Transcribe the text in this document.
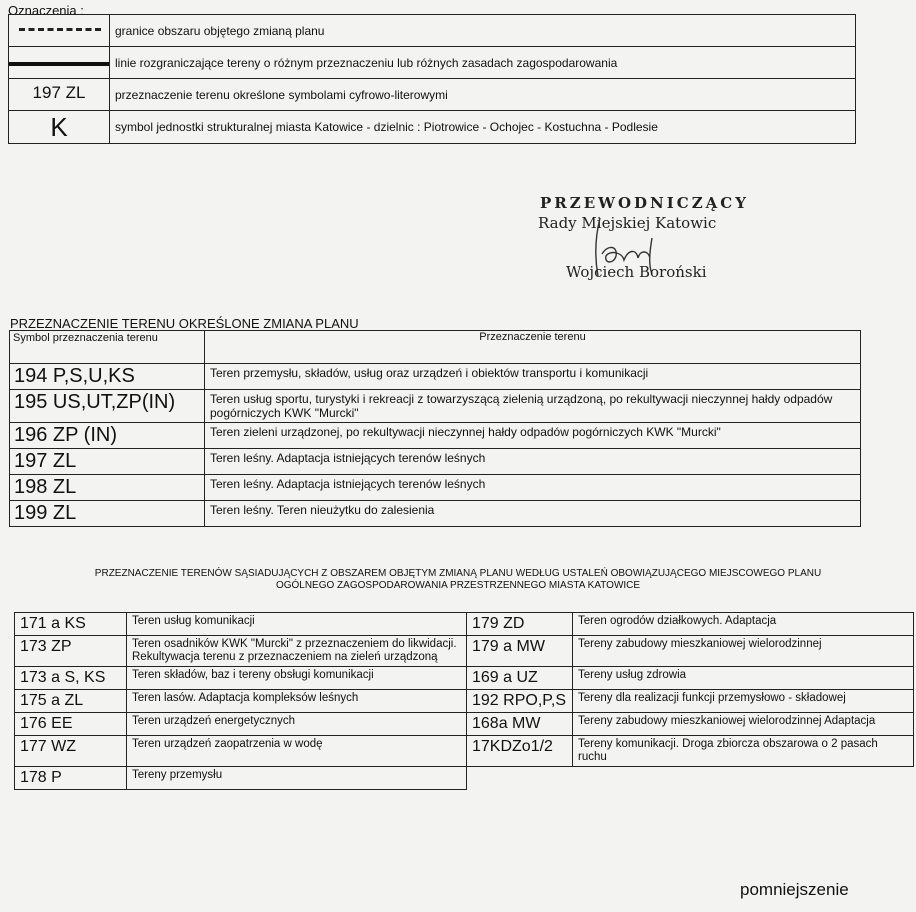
Oznaczenia :
	granice obszaru objętego zmianą planu

	linie rozgraniczające tereny o różnym przeznaczeniu lub różnych zasadach zagospodarowania

197 ZL	przeznaczenie terenu określone symbolami cyfrowo-literowymi

K	symbol jednostki strukturalnej miasta Katowice - dzielnic : Piotrowice - Ochojec - Kostuchna - Podlesie
PRZEWODNICZĄCY
Rady Miejskiej Katowic
Wojciech Boroński
PRZEZNACZENIE TERENU OKREŚLONE ZMIANA PLANU
Symbol przeznaczenia terenu	Przeznaczenie terenu
194 P,S,U,KS	Teren przemysłu, składów, usług oraz urządzeń i obiektów transportu i komunikacji
195 US,UT,ZP(IN)	Teren usług sportu, turystyki i rekreacji z towarzyszącą zielenią urządzoną, po rekultywacji nieczynnej hałdy odpadów pogórniczych KWK "Murcki"
196 ZP (IN)	Teren zieleni urządzonej, po rekultywacji nieczynnej hałdy odpadów pogórniczych KWK "Murcki"
197 ZL	Teren leśny. Adaptacja istniejących terenów leśnych
198 ZL	Teren leśny. Adaptacja istniejących terenów leśnych
199 ZL	Teren leśny. Teren nieużytku do zalesienia
PRZEZNACZENIE TERENÓW SĄSIADUJĄCYCH Z OBSZAREM OBJĘTYM ZMIANĄ PLANU WEDŁUG USTALEŃ OBOWIĄZUJĄCEGO MIEJSCOWEGO PLANU
OGÓLNEGO ZAGOSPODAROWANIA PRZESTRZENNEGO MIASTA KATOWICE
171 a KS	Teren usług komunikacji	179 ZD	Teren ogrodów działkowych. Adaptacja
173 ZP	Teren osadników KWK "Murcki" z przeznaczeniem do likwidacji. Rekultywacja terenu z przeznaczeniem na zieleń urządzoną	179 a MW	Tereny zabudowy mieszkaniowej wielorodzinnej
173 a S, KS	Teren składów, baz i tereny obsługi komunikacji	169 a UZ	Tereny usług zdrowia
175 a ZL	Teren lasów. Adaptacja kompleksów leśnych	192 RPO,P,S	Tereny dla realizacji funkcji przemysłowo - składowej
176 EE	Teren urządzeń energetycznych	168a MW	Tereny zabudowy mieszkaniowej wielorodzinnej Adaptacja
177 WZ	Teren urządzeń zaopatrzenia w wodę	17KDZo1/2	Tereny komunikacji. Droga zbiorcza obszarowa o 2 pasach ruchu
178 P	Tereny przemysłu		
pomniejszenie
